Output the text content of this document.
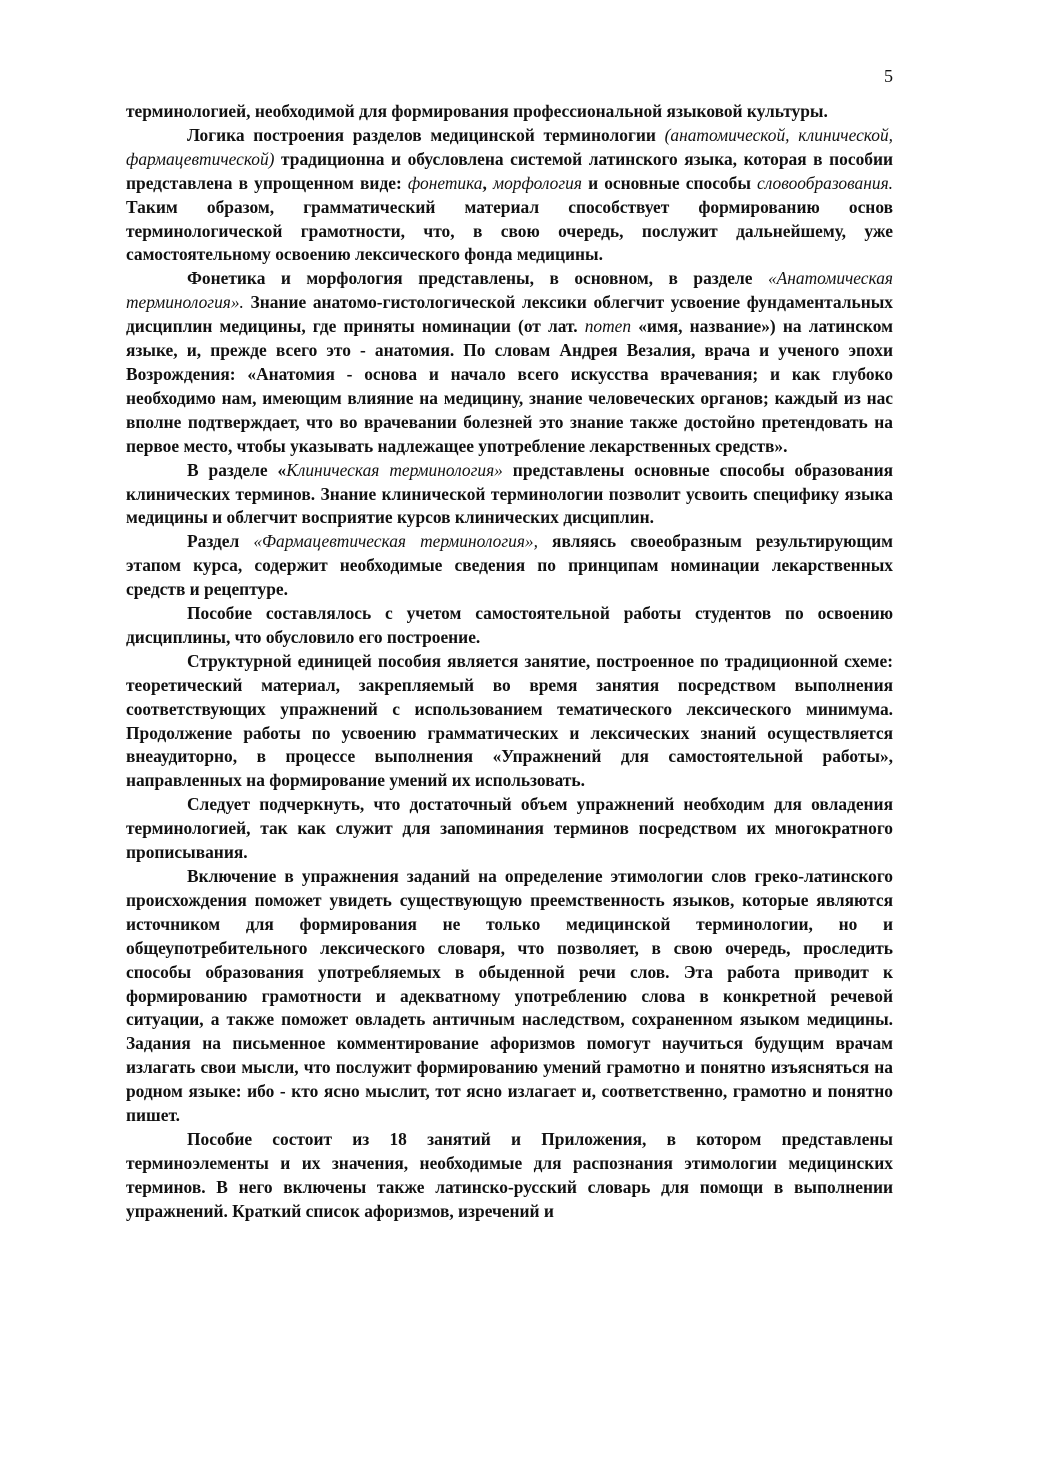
5

терминологией, необходимой для формирования профессиональной языковой культуры.

Логика построения разделов медицинской терминологии (анатомической, клинической, фармацевтической) традиционна и обусловлена системой латинского языка, которая в пособии представлена в упрощенном виде: фонетика, морфология и основные способы словообразования. Таким образом, грамматический материал способствует формированию основ терминологической грамотности, что, в свою очередь, послужит дальнейшему, уже самостоятельному освоению лексического фонда медицины.

Фонетика и морфология представлены, в основном, в разделе «Анатомическая терминология». Знание анатомо-гистологической лексики облегчит усвоение фундаментальных дисциплин медицины, где приняты номинации (от лат. nomen «имя, название») на латинском языке, и, прежде всего это - анатомия. По словам Андрея Везалия, врача и ученого эпохи Возрождения: «Анатомия - основа и начало всего искусства врачевания; и как глубоко необходимо нам, имеющим влияние на медицину, знание человеческих органов; каждый из нас вполне подтверждает, что во врачевании болезней это знание также достойно претендовать на первое место, чтобы указывать надлежащее употребление лекарственных средств».

В разделе «Клиническая терминология» представлены основные способы образования клинических терминов. Знание клинической терминологии позволит усвоить специфику языка медицины и облегчит восприятие курсов клинических дисциплин.

Раздел «Фармацевтическая терминология», являясь своеобразным результирующим этапом курса, содержит необходимые сведения по принципам номинации лекарственных средств и рецептуре.

Пособие составлялось с учетом самостоятельной работы студентов по освоению дисциплины, что обусловило его построение.

Структурной единицей пособия является занятие, построенное по традиционной схеме: теоретический материал, закрепляемый во время занятия посредством выполнения соответствующих упражнений с использованием тематического лексического минимума. Продолжение работы по усвоению грамматических и лексических знаний осуществляется внеаудиторно, в процессе выполнения «Упражнений для самостоятельной работы», направленных на формирование умений их использовать.

Следует подчеркнуть, что достаточный объем упражнений необходим для овладения терминологией, так как служит для запоминания терминов посредством их многократного прописывания.

Включение в упражнения заданий на определение этимологии слов греко-латинского происхождения поможет увидеть существующую преемственность языков, которые являются источником для формирования не только медицинской терминологии, но и общеупотребительного лексического словаря, что позволяет, в свою очередь, проследить способы образования употребляемых в обыденной речи слов. Эта работа приводит к формированию грамотности и адекватному употреблению слова в конкретной речевой ситуации, а также поможет овладеть античным наследством, сохраненном языком медицины. Задания на письменное комментирование афоризмов помогут научиться будущим врачам излагать свои мысли, что послужит формированию умений грамотно и понятно изъясняться на родном языке: ибо - кто ясно мыслит, тот ясно излагает и, соответственно, грамотно и понятно пишет.

Пособие состоит из 18 занятий и Приложения, в котором представлены терминоэлементы и их значения, необходимые для распознания этимологии медицинских терминов. В него включены также латинско-русский словарь для помощи в выполнении упражнений. Краткий список афоризмов, изречений и
